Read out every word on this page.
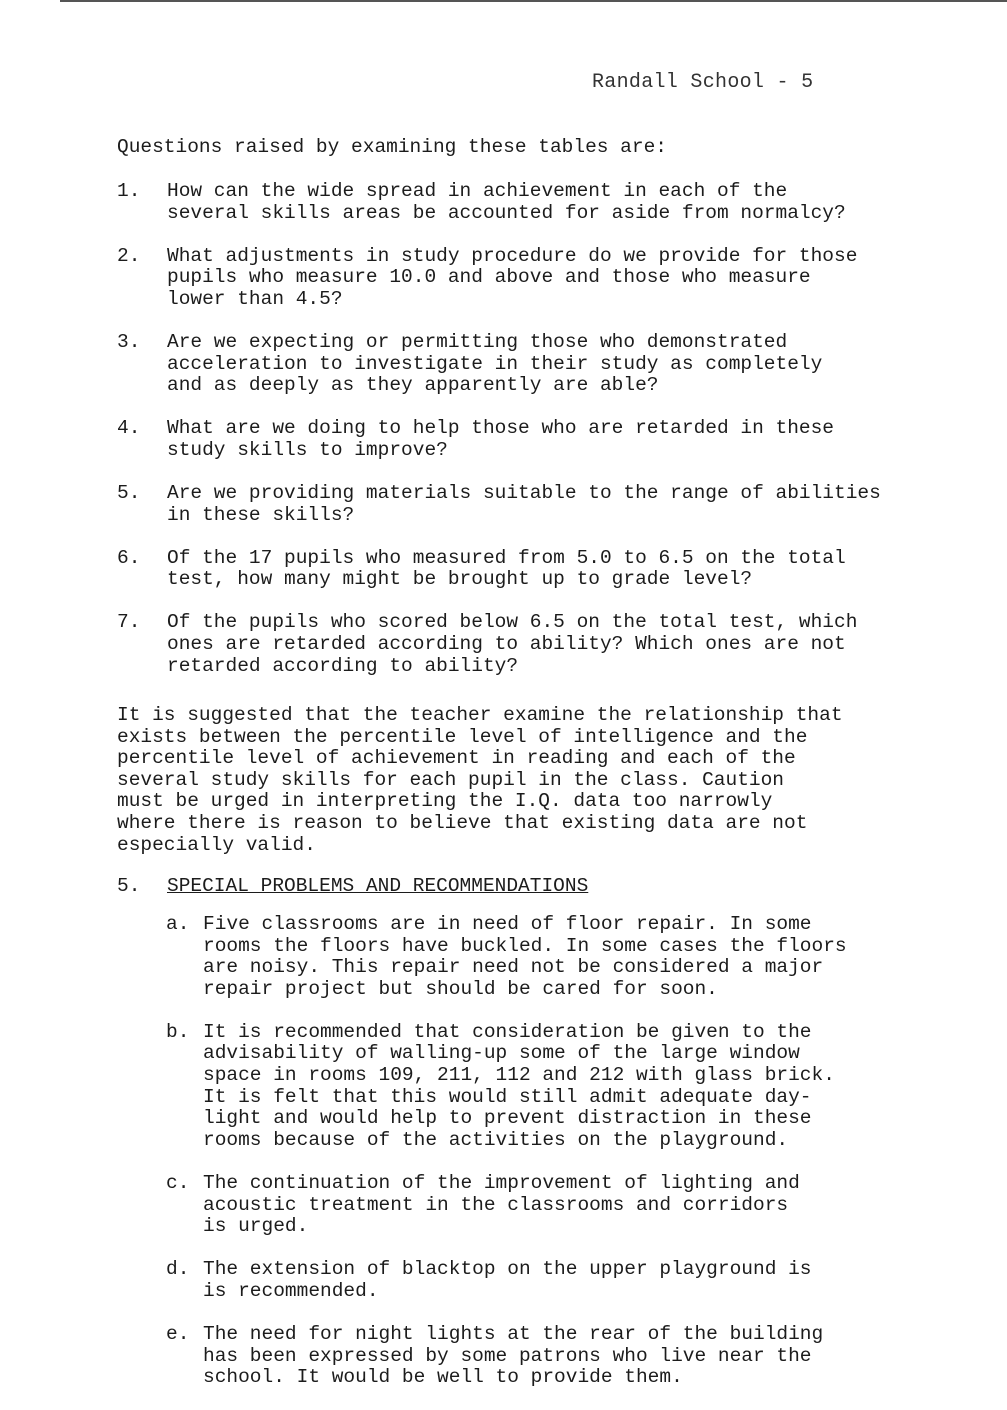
Randall School - 5
Questions raised by examining these tables are:
1.	How can the wide spread in achievement in each of the
several skills areas be accounted for aside from normalcy?
2.	What adjustments in study procedure do we provide for those
pupils who measure 10.0 and above and those who measure
lower than 4.5?
3.	Are we expecting or permitting those who demonstrated
acceleration to investigate in their study as completely
and as deeply as they apparently are able?
4.	What are we doing to help those who are retarded in these
study skills to improve?
5.	Are we providing materials suitable to the range of abilities
in these skills?
6.	Of the 17 pupils who measured from 5.0 to 6.5 on the total
test, how many might be brought up to grade level?
7.	Of the pupils who scored below 6.5 on the total test, which
ones are retarded according to ability? Which ones are not
retarded according to ability?
It is suggested that the teacher examine the relationship that
exists between the percentile level of intelligence and the
percentile level of achievement in reading and each of the
several study skills for each pupil in the class. Caution
must be urged in interpreting the I.Q. data too narrowly
where there is reason to believe that existing data are not
especially valid.
5. SPECIAL PROBLEMS AND RECOMMENDATIONS
a. Five classrooms are in need of floor repair. In some
rooms the floors have buckled. In some cases the floors
are noisy. This repair need not be considered a major
repair project but should be cared for soon.
b. It is recommended that consideration be given to the
advisability of walling-up some of the large window
space in rooms 109, 211, 112 and 212 with glass brick.
It is felt that this would still admit adequate day-
light and would help to prevent distraction in these
rooms because of the activities on the playground.
c. The continuation of the improvement of lighting and
acoustic treatment in the classrooms and corridors
is urged.
d. The extension of blacktop on the upper playground is
is recommended.
e. The need for night lights at the rear of the building
has been expressed by some patrons who live near the
school. It would be well to provide them.
